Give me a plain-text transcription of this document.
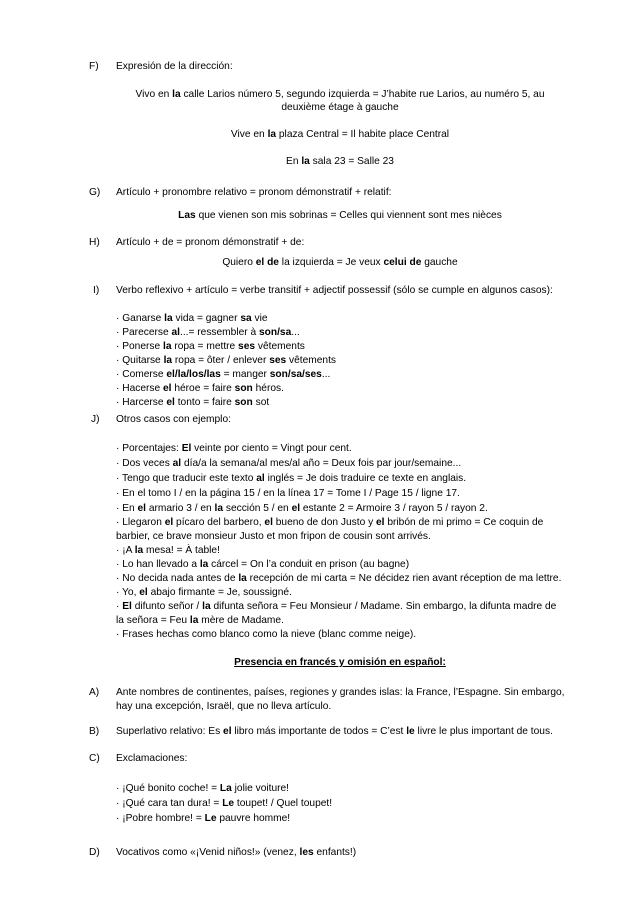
F)	Expresión de la dirección:
Vivo en la calle Larios número 5, segundo izquierda = J’habite rue Larios, au numéro 5, au
deuxième étage à gauche
Vive en la plaza Central = Il habite place Central
En la sala 23 = Salle 23
G)	Artículo + pronombre relativo = pronom démonstratif + relatif:
Las que vienen son mis sobrinas = Celles qui viennent sont mes nièces
H)	Artículo + de = pronom démonstratif + de:
Quiero el de la izquierda = Je veux celui de gauche
I)	Verbo reflexivo + artículo = verbe transitif + adjectif possessif (sólo se cumple en algunos casos):
· Ganarse la vida = gagner sa vie
· Parecerse al...= ressembler à son/sa...
· Ponerse la ropa = mettre ses vêtements
· Quitarse la ropa = ôter / enlever ses vêtements
· Comerse el/la/los/las = manger son/sa/ses...
· Hacerse el héroe = faire son héros.
· Harcerse el tonto = faire son sot
J)	Otros casos con ejemplo:
· Porcentajes: El veinte por ciento = Vingt pour cent.
· Dos veces al día/a la semana/al mes/al año = Deux fois par jour/semaine...
· Tengo que traducir este texto al inglés = Je dois traduire ce texte en anglais.
· En el tomo I / en la página 15 / en la línea 17 = Tome I / Page 15 / ligne 17.
· En el armario 3 / en la sección 5 / en el estante 2 = Armoire 3 / rayon 5 / rayon 2.
· Llegaron el pícaro del barbero, el bueno de don Justo y el bribón de mi primo = Ce coquin de
barbier, ce brave monsieur Justo et mon fripon de cousin sont arrivés.
· ¡A la mesa! = À table!
· Lo han llevado a la cárcel = On l’a conduit en prison (au bagne)
· No decida nada antes de la recepción de mi carta = Ne décidez rien avant réception de ma lettre.
· Yo, el abajo firmante = Je, soussigné.
· El difunto señor / la difunta señora = Feu Monsieur / Madame. Sin embargo, la difunta madre de
la señora = Feu la mère de Madame.
· Frases hechas como blanco como la nieve (blanc comme neige).
Presencia en francés y omisión en español:
A)	Ante nombres de continentes, países, regiones y grandes islas: la France, l’Espagne. Sin embargo,
hay una excepción, Israël, que no lleva artículo.
B)	Superlativo relativo: Es el libro más importante de todos = C’est le livre le plus important de tous.
C)	Exclamaciones:
· ¡Qué bonito coche! = La jolie voiture!
· ¡Qué cara tan dura! = Le toupet! / Quel toupet!
· ¡Pobre hombre! = Le pauvre homme!
D)	Vocativos como «¡Venid niños!» (venez, les enfants!)
